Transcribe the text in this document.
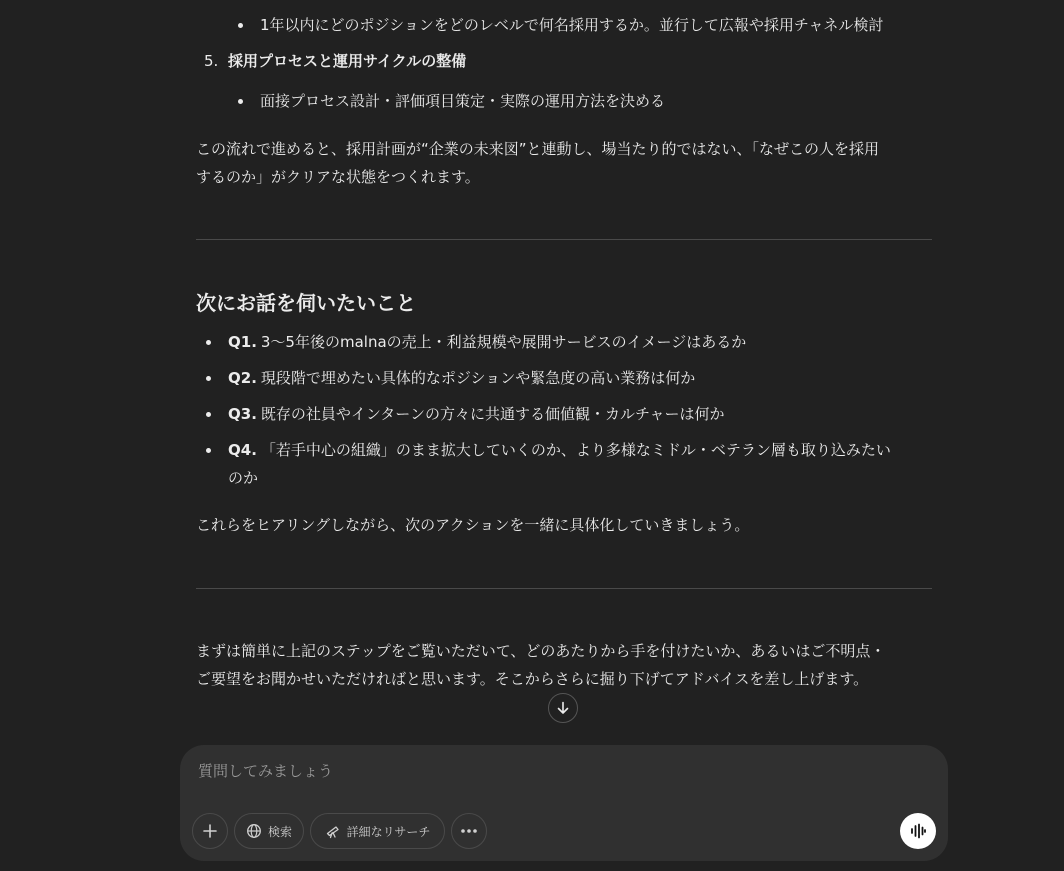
1年以内にどのポジションをどのレベルで何名採用するか。並行して広報や採用チャネル検討
5. 採用プロセスと運用サイクルの整備
面接プロセス設計・評価項目策定・実際の運用方法を決める
この流れで進めると、採用計画が“企業の未来図”と連動し、場当たり的ではない、「なぜこの人を採用
するのか」がクリアな状態をつくれます。
次にお話を伺いたいこと
Q1. 3〜5年後のmalnaの売上・利益規模や展開サービスのイメージはあるか
Q2. 現段階で埋めたい具体的なポジションや緊急度の高い業務は何か
Q3. 既存の社員やインターンの方々に共通する価値観・カルチャーは何か
Q4. 「若手中心の組織」のまま拡大していくのか、より多様なミドル・ベテラン層も取り込みたい
のか
これらをヒアリングしながら、次のアクションを一緒に具体化していきましょう。
まずは簡単に上記のステップをご覧いただいて、どのあたりから手を付けたいか、あるいはご不明点・
ご要望をお聞かせいただければと思います。そこからさらに掘り下げてアドバイスを差し上げます。
質問してみましょう
検索	詳細なリサーチ
